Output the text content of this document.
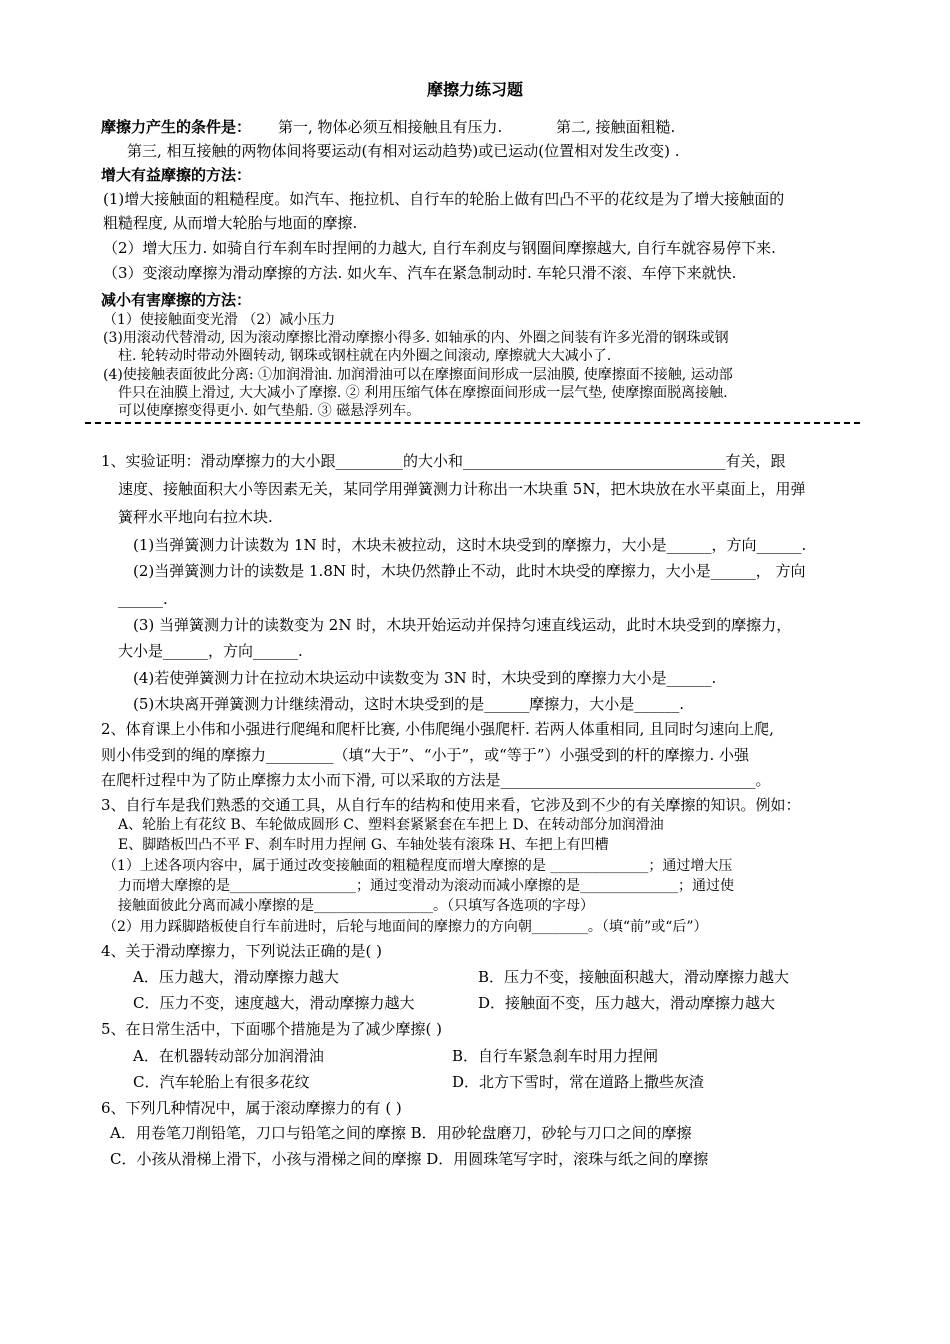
摩擦力练习题
摩擦力产生的条件是： 第一, 物体必须互相接触且有压力.	第二, 接触面粗糙.
第三, 相互接触的两物体间将要运动(有相对运动趋势)或已运动(位置相对发生改变) .
增大有益摩擦的方法：
(1)增大接触面的粗糙程度。如汽车、拖拉机、自行车的轮胎上做有凹凸不平的花纹是为了增大接触面的
粗糙程度, 从而增大轮胎与地面的摩擦.
（2）增大压力. 如骑自行车刹车时捏闸的力越大, 自行车刹皮与钢圈间摩擦越大, 自行车就容易停下来.
（3）变滚动摩擦为滑动摩擦的方法. 如火车、汽车在紧急制动时. 车轮只滑不滚、车停下来就快.
减小有害摩擦的方法：
（1）使接触面变光滑 （2）减小压力
(3)用滚动代替滑动, 因为滚动摩擦比滑动摩擦小得多. 如轴承的内、外圈之间装有许多光滑的钢珠或钢
柱. 轮转动时带动外圈转动, 钢珠或钢柱就在内外圈之间滚动, 摩擦就大大减小了.
(4)使接触表面彼此分离: ①加润滑油. 加润滑油可以在摩擦面间形成一层油膜, 使摩擦面不接触, 运动部
件只在油膜上滑过, 大大减小了摩擦. ② 利用压缩气体在摩擦面间形成一层气垫, 使摩擦面脱离接触.
可以使摩擦变得更小. 如气垫船. ③ 磁悬浮列车。
1、实验证明：滑动摩擦力的大小跟_________的大小和___________________________________有关，跟
速度、接触面积大小等因素无关，某同学用弹簧测力计称出一木块重 5N，把木块放在水平桌面上，用弹
簧秤水平地向右拉木块.
(1)当弹簧测力计读数为 1N 时，木块未被拉动，这时木块受到的摩擦力，大小是______，方向______.
(2)当弹簧测力计的读数是 1.8N 时，木块仍然静止不动，此时木块受的摩擦力，大小是______， 方向
______.
(3) 当弹簧测力计的读数变为 2N 时，木块开始运动并保持匀速直线运动，此时木块受到的摩擦力，
大小是______，方向______.
(4)若使弹簧测力计在拉动木块运动中读数变为 3N 时，木块受到的摩擦力大小是______.
(5)木块离开弹簧测力计继续滑动，这时木块受到的是______摩擦力，大小是______.
2、体育课上小伟和小强进行爬绳和爬杆比赛, 小伟爬绳小强爬杆. 若两人体重相同, 且同时匀速向上爬,
则小伟受到的绳的摩擦力_________（填“大于”、“小于”，或“等于”）小强受到的杆的摩擦力. 小强
在爬杆过程中为了防止摩擦力太小而下滑, 可以采取的方法是__________________________________。
3、自行车是我们熟悉的交通工具，从自行车的结构和使用来看，它涉及到不少的有关摩擦的知识。例如：
A、轮胎上有花纹 B、车轮做成圆形 C、塑料套紧紧套在车把上 D、在转动部分加润滑油
E、脚踏板凹凸不平 F、刹车时用力捏闸 G、车轴处装有滚珠 H、车把上有凹槽
（1）上述各项内容中，属于通过改变接触面的粗糙程度而增大摩擦的是 ______________；通过增大压
力而增大摩擦的是__________________；通过变滑动为滚动而减小摩擦的是______________；通过使
接触面彼此分离而减小摩擦的是_________________。（只填写各选项的字母）
（2）用力踩脚踏板使自行车前进时，后轮与地面间的摩擦力的方向朝________。（填“前”或“后”）
4、关于滑动摩擦力，下列说法正确的是( )
A．压力越大，滑动摩擦力越大	B．压力不变，接触面积越大，滑动摩擦力越大
C．压力不变，速度越大，滑动摩擦力越大	D．接触面不变，压力越大，滑动摩擦力越大
5、在日常生活中，下面哪个措施是为了减少摩擦( )
A．在机器转动部分加润滑油	B．自行车紧急刹车时用力捏闸
C．汽车轮胎上有很多花纹	D．北方下雪时，常在道路上撒些灰渣
6、下列几种情况中，属于滚动摩擦力的有 ( )
A．用卷笔刀削铅笔，刀口与铅笔之间的摩擦 B．用砂轮盘磨刀，砂轮与刀口之间的摩擦
C．小孩从滑梯上滑下，小孩与滑梯之间的摩擦 D．用圆珠笔写字时，滚珠与纸之间的摩擦
